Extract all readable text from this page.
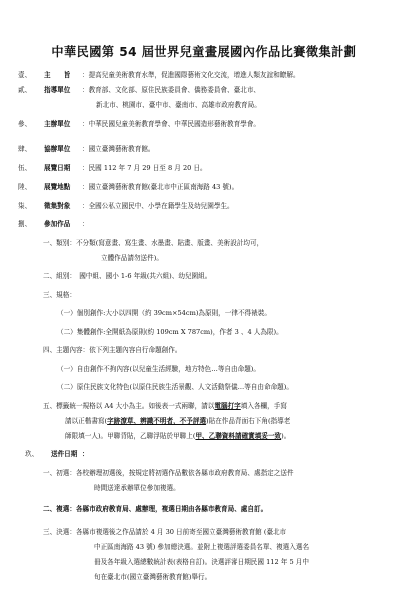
中華民國第 54 屆世界兒童畫展國內作品比賽徵集計劃
壹、 主　　旨 ：提高兒童美術教育水準，促進國際藝術文化交流，增進人類友誼和瞭解。
貳、 指導單位 ：教育部、文化部、原住民族委員會、僑務委員會、臺北市、
新北市、桃園市、臺中市、臺南市、高雄市政府教育局。
參、 主辦單位 ：中華民國兒童美術教育學會、中華民國造形藝術教育學會。
肆、 協辦單位 ：國立臺灣藝術教育館。
伍、 展覽日期 ：民國 112 年 7 月 29 日至 8 月 20 日。
陸、 展覽地點 ：國立臺灣藝術教育館(臺北市中正區南海路 43 號)。
柒、 徵集對象 ：全國公私立國民中、小學在籍學生及幼兒園學生。
捌、 參加作品 ：
一、類別：不分類(寫意畫、寫生畫、水墨畫、貼畫、版畫、美術設計均可，
立體作品請勿送件)。
二、組別：　國中組、國小 1-6 年級(共六組)、幼兒園組。
三、規格：
（一）個別創作:大小以四開（約 39cm×54cm)為原則，一律不得裱裝。
（二）集體創作:全開紙為原則(約 109cm X 787cm)，作者 3 、4 人為限)。
四、主題內容：依下列主題內容自行命題創作。
（一）自由創作不拘內容(以兒童生活經驗，地方特色…等自由命題)。
（二）原住民族文化特色(以原住民族生活景觀、人文活動祭儀…等自由命命題)。
五、標籤統一規格以 A4 大小為主。如後表一式兩聯，請以電腦打字填入各欄，手寫
請以正楷書寫(字跡潦草、辨識不明者，不予評選)貼在作品背面右下角(指導老
師限填一人)。甲聯背貼，乙聯浮貼於甲聯上(甲、乙聯資料請確實填妥一致)。
玖、 送件日期 ：
一、初選：各校辦理初選後，按規定將初選作品數依各縣市政府教育局、處指定之送件
時間送達承辦單位參加複選。
二、複選：各縣市政府教育局、處辦理，複選日期由各縣市教育局、處自訂。
三、決選：各縣市複選後之作品請於 4 月 30 日前寄至國立臺灣藝術教育館 (臺北市
中正區南海路 43 號) 參加總決選。並附上複選評選委員名單、複選入選名
冊及各年級入選總數統計表(表格自訂)。決選評審日期民國 112 年 5 月中
旬在臺北市(國立臺灣藝術教育館)舉行。
